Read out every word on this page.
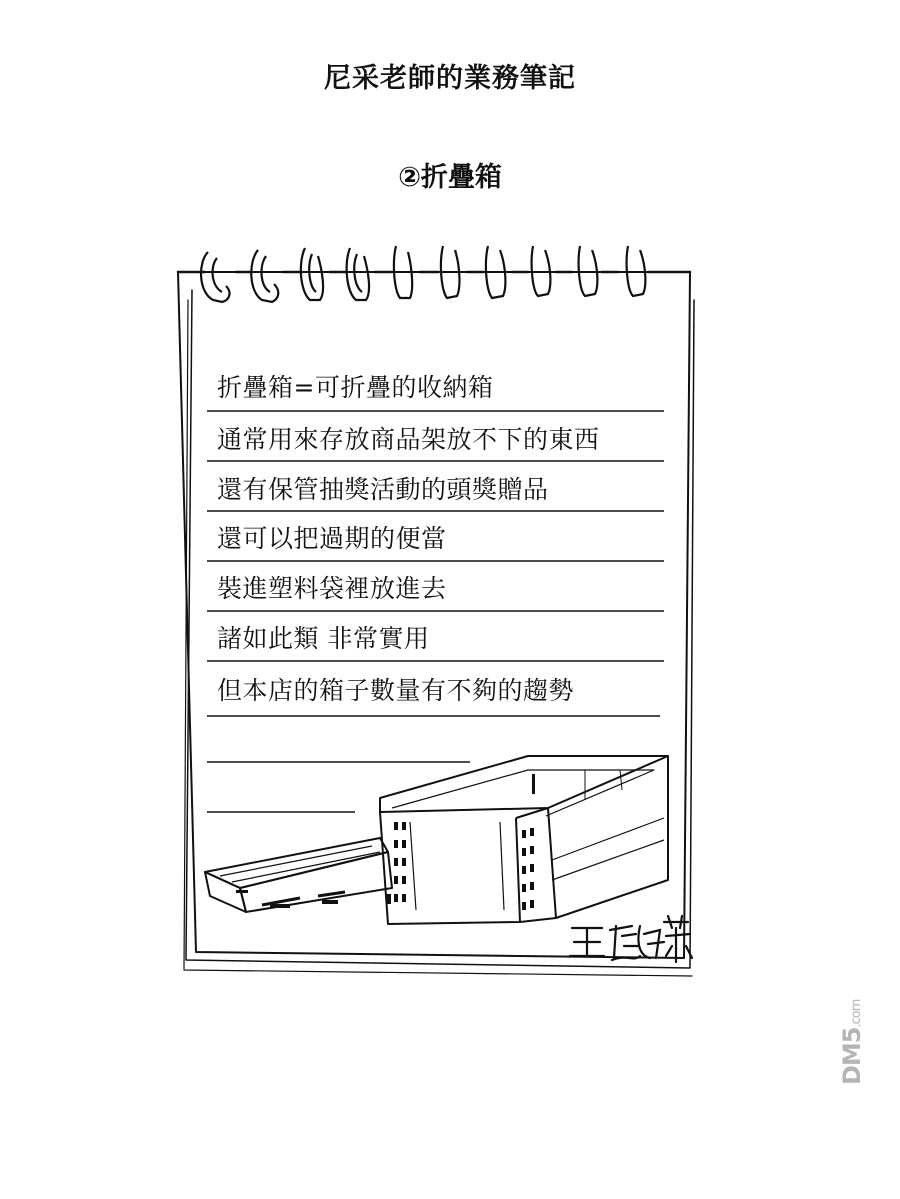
尼采老師的業務筆記
②折疊箱
~
折疊箱=可折疊的收納箱
通常用來存放商品架放不下的東西
還有保管抽獎活動的頭獎贈品
還可以把過期的便當
裝進塑料袋裡放進去
諸如此類 非常實用
但本店的箱子數量有不夠的趨勢
DM5.com
